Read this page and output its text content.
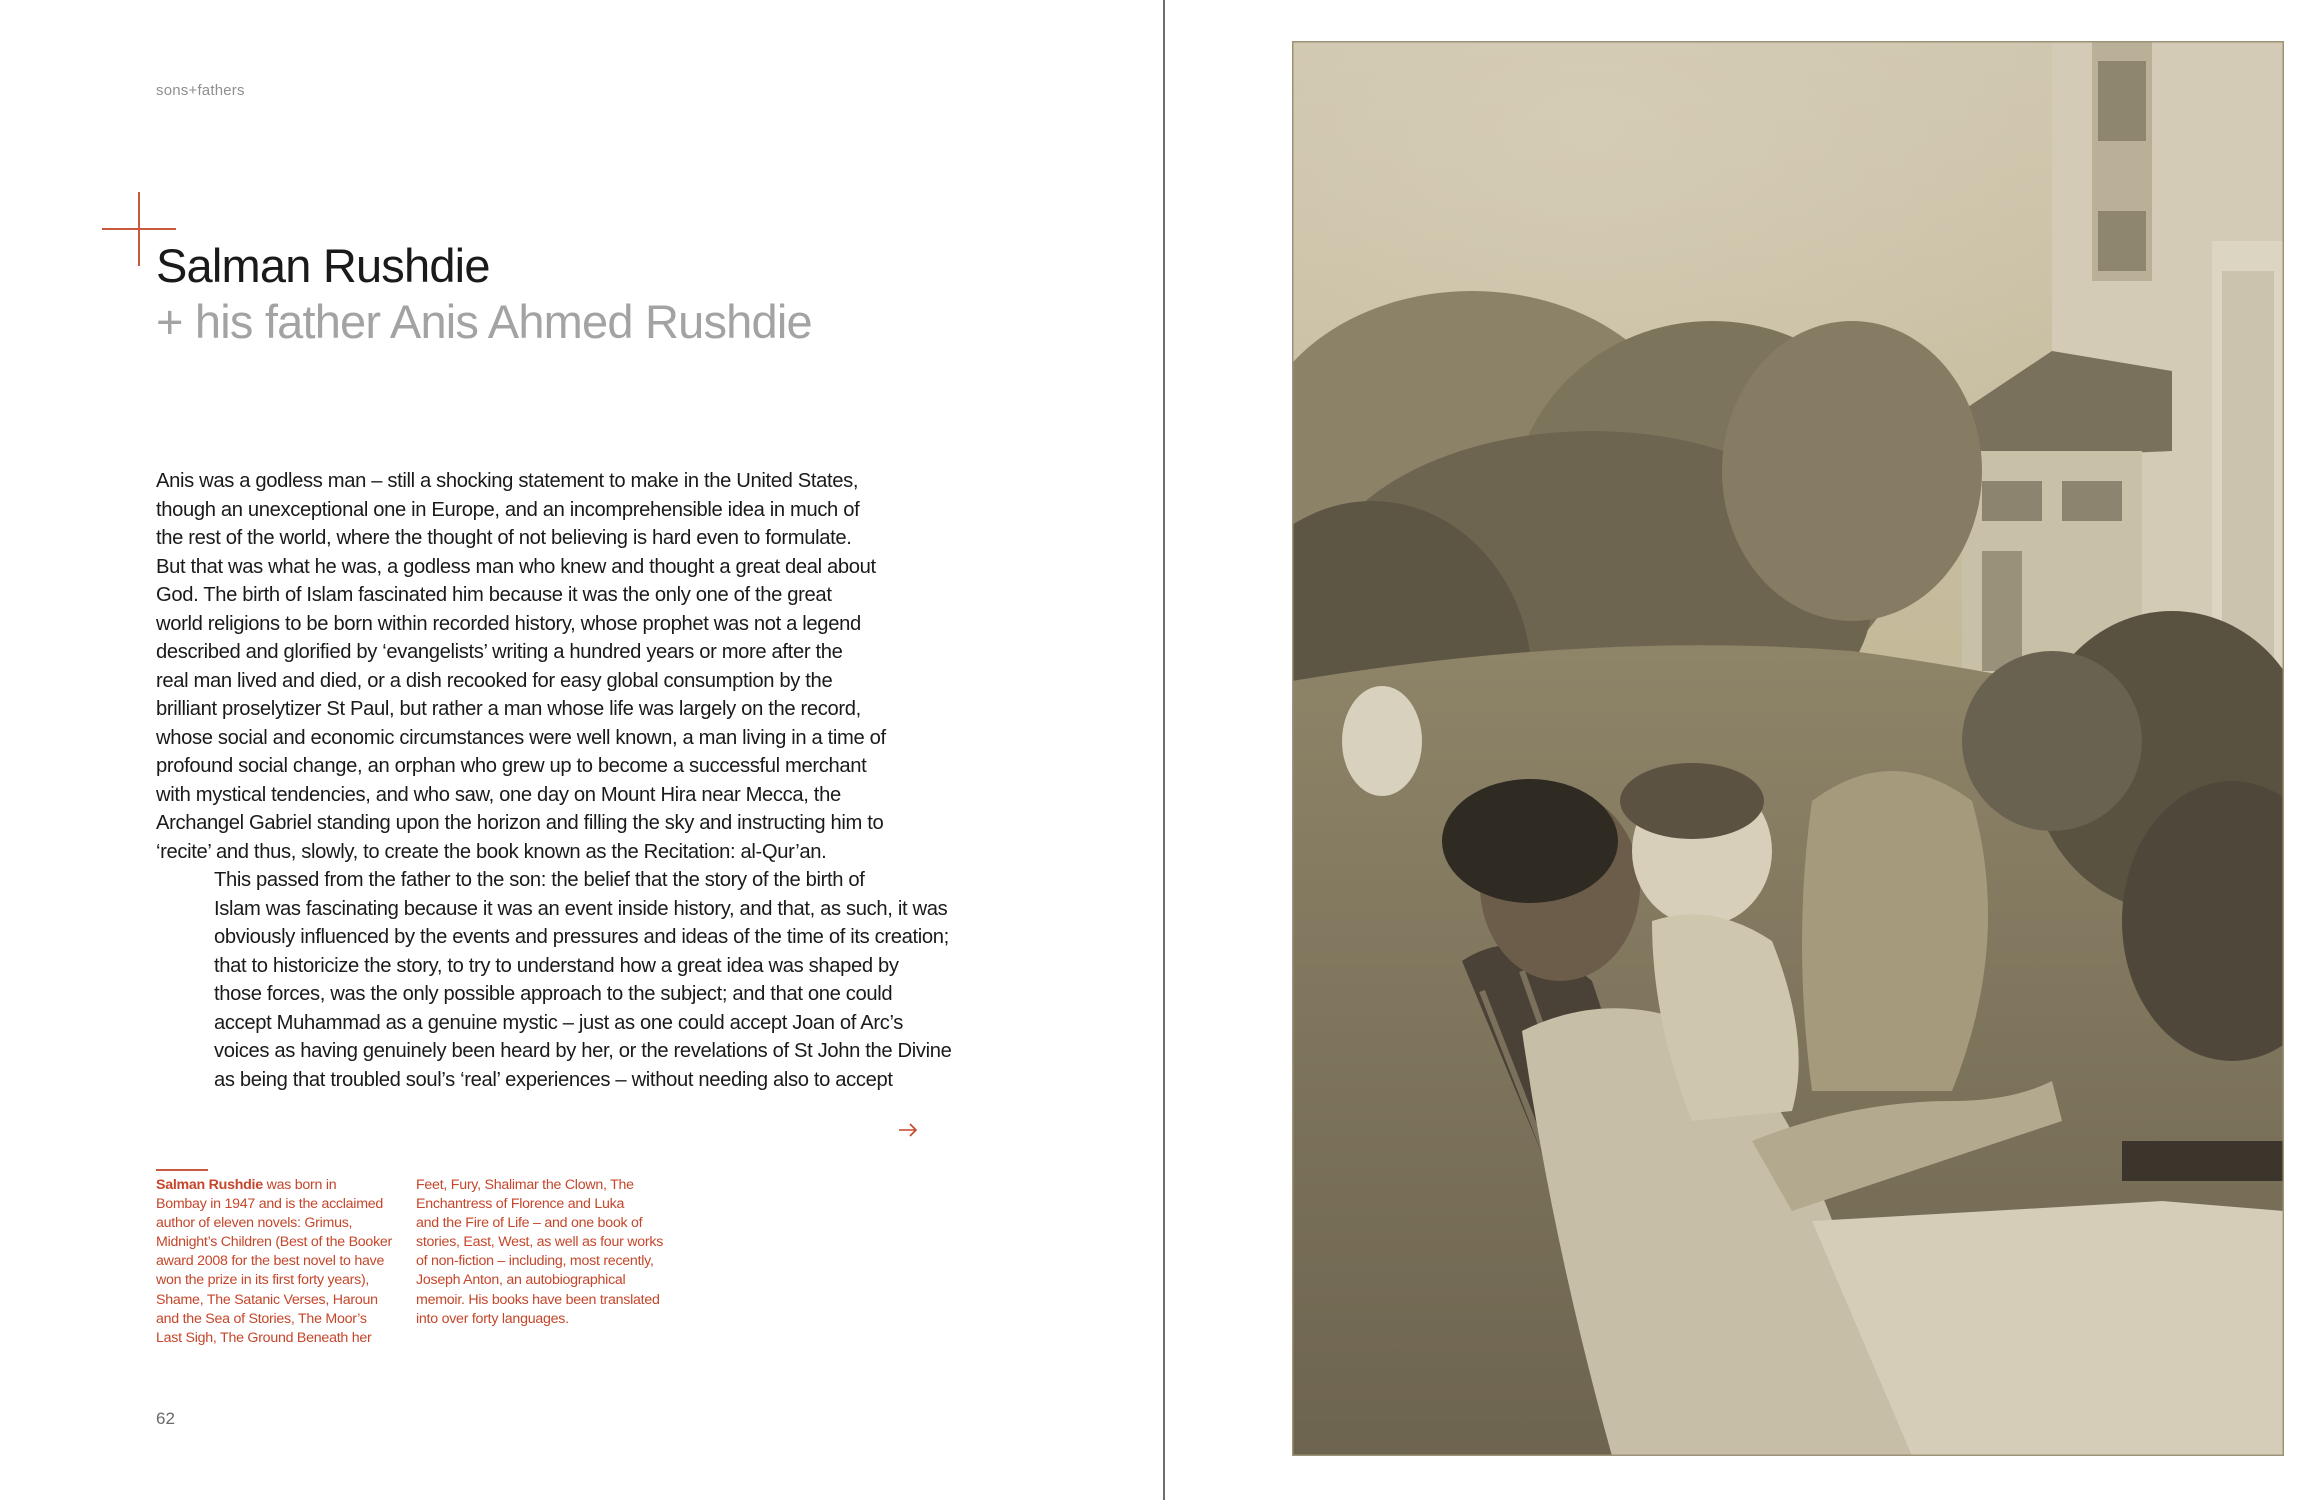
sons+fathers
Salman Rushdie
+ his father Anis Ahmed Rushdie

Anis was a godless man – still a shocking statement to make in the United States,
though an unexceptional one in Europe, and an incomprehensible idea in much of
the rest of the world, where the thought of not believing is hard even to formulate.
But that was what he was, a godless man who knew and thought a great deal about
God. The birth of Islam fascinated him because it was the only one of the great
world religions to be born within recorded history, whose prophet was not a legend
described and glorified by ‘evangelists’ writing a hundred years or more after the
real man lived and died, or a dish recooked for easy global consumption by the
brilliant proselytizer St Paul, but rather a man whose life was largely on the record,
whose social and economic circumstances were well known, a man living in a time of
profound social change, an orphan who grew up to become a successful merchant
with mystical tendencies, and who saw, one day on Mount Hira near Mecca, the
Archangel Gabriel standing upon the horizon and filling the sky and instructing him to
‘recite’ and thus, slowly, to create the book known as the Recitation: al-Qur’an.

This passed from the father to the son: the belief that the story of the birth of
Islam was fascinating because it was an event inside history, and that, as such, it was
obviously influenced by the events and pressures and ideas of the time of its creation;
that to historicize the story, to try to understand how a great idea was shaped by
those forces, was the only possible approach to the subject; and that one could
accept Muhammad as a genuine mystic – just as one could accept Joan of Arc’s
voices as having genuinely been heard by her, or the revelations of St John the Divine
as being that troubled soul’s ‘real’ experiences – without needing also to accept

Salman Rushdie was born in
Bombay in 1947 and is the acclaimed
author of eleven novels: Grimus,
Midnight’s Children (Best of the Booker
award 2008 for the best novel to have
won the prize in its first forty years),
Shame, The Satanic Verses, Haroun
and the Sea of Stories, The Moor’s
Last Sigh, The Ground Beneath her
Feet, Fury, Shalimar the Clown, The
Enchantress of Florence and Luka
and the Fire of Life – and one book of
stories, East, West, as well as four works
of non-fiction – including, most recently,
Joseph Anton, an autobiographical
memoir. His books have been translated
into over forty languages.
62
